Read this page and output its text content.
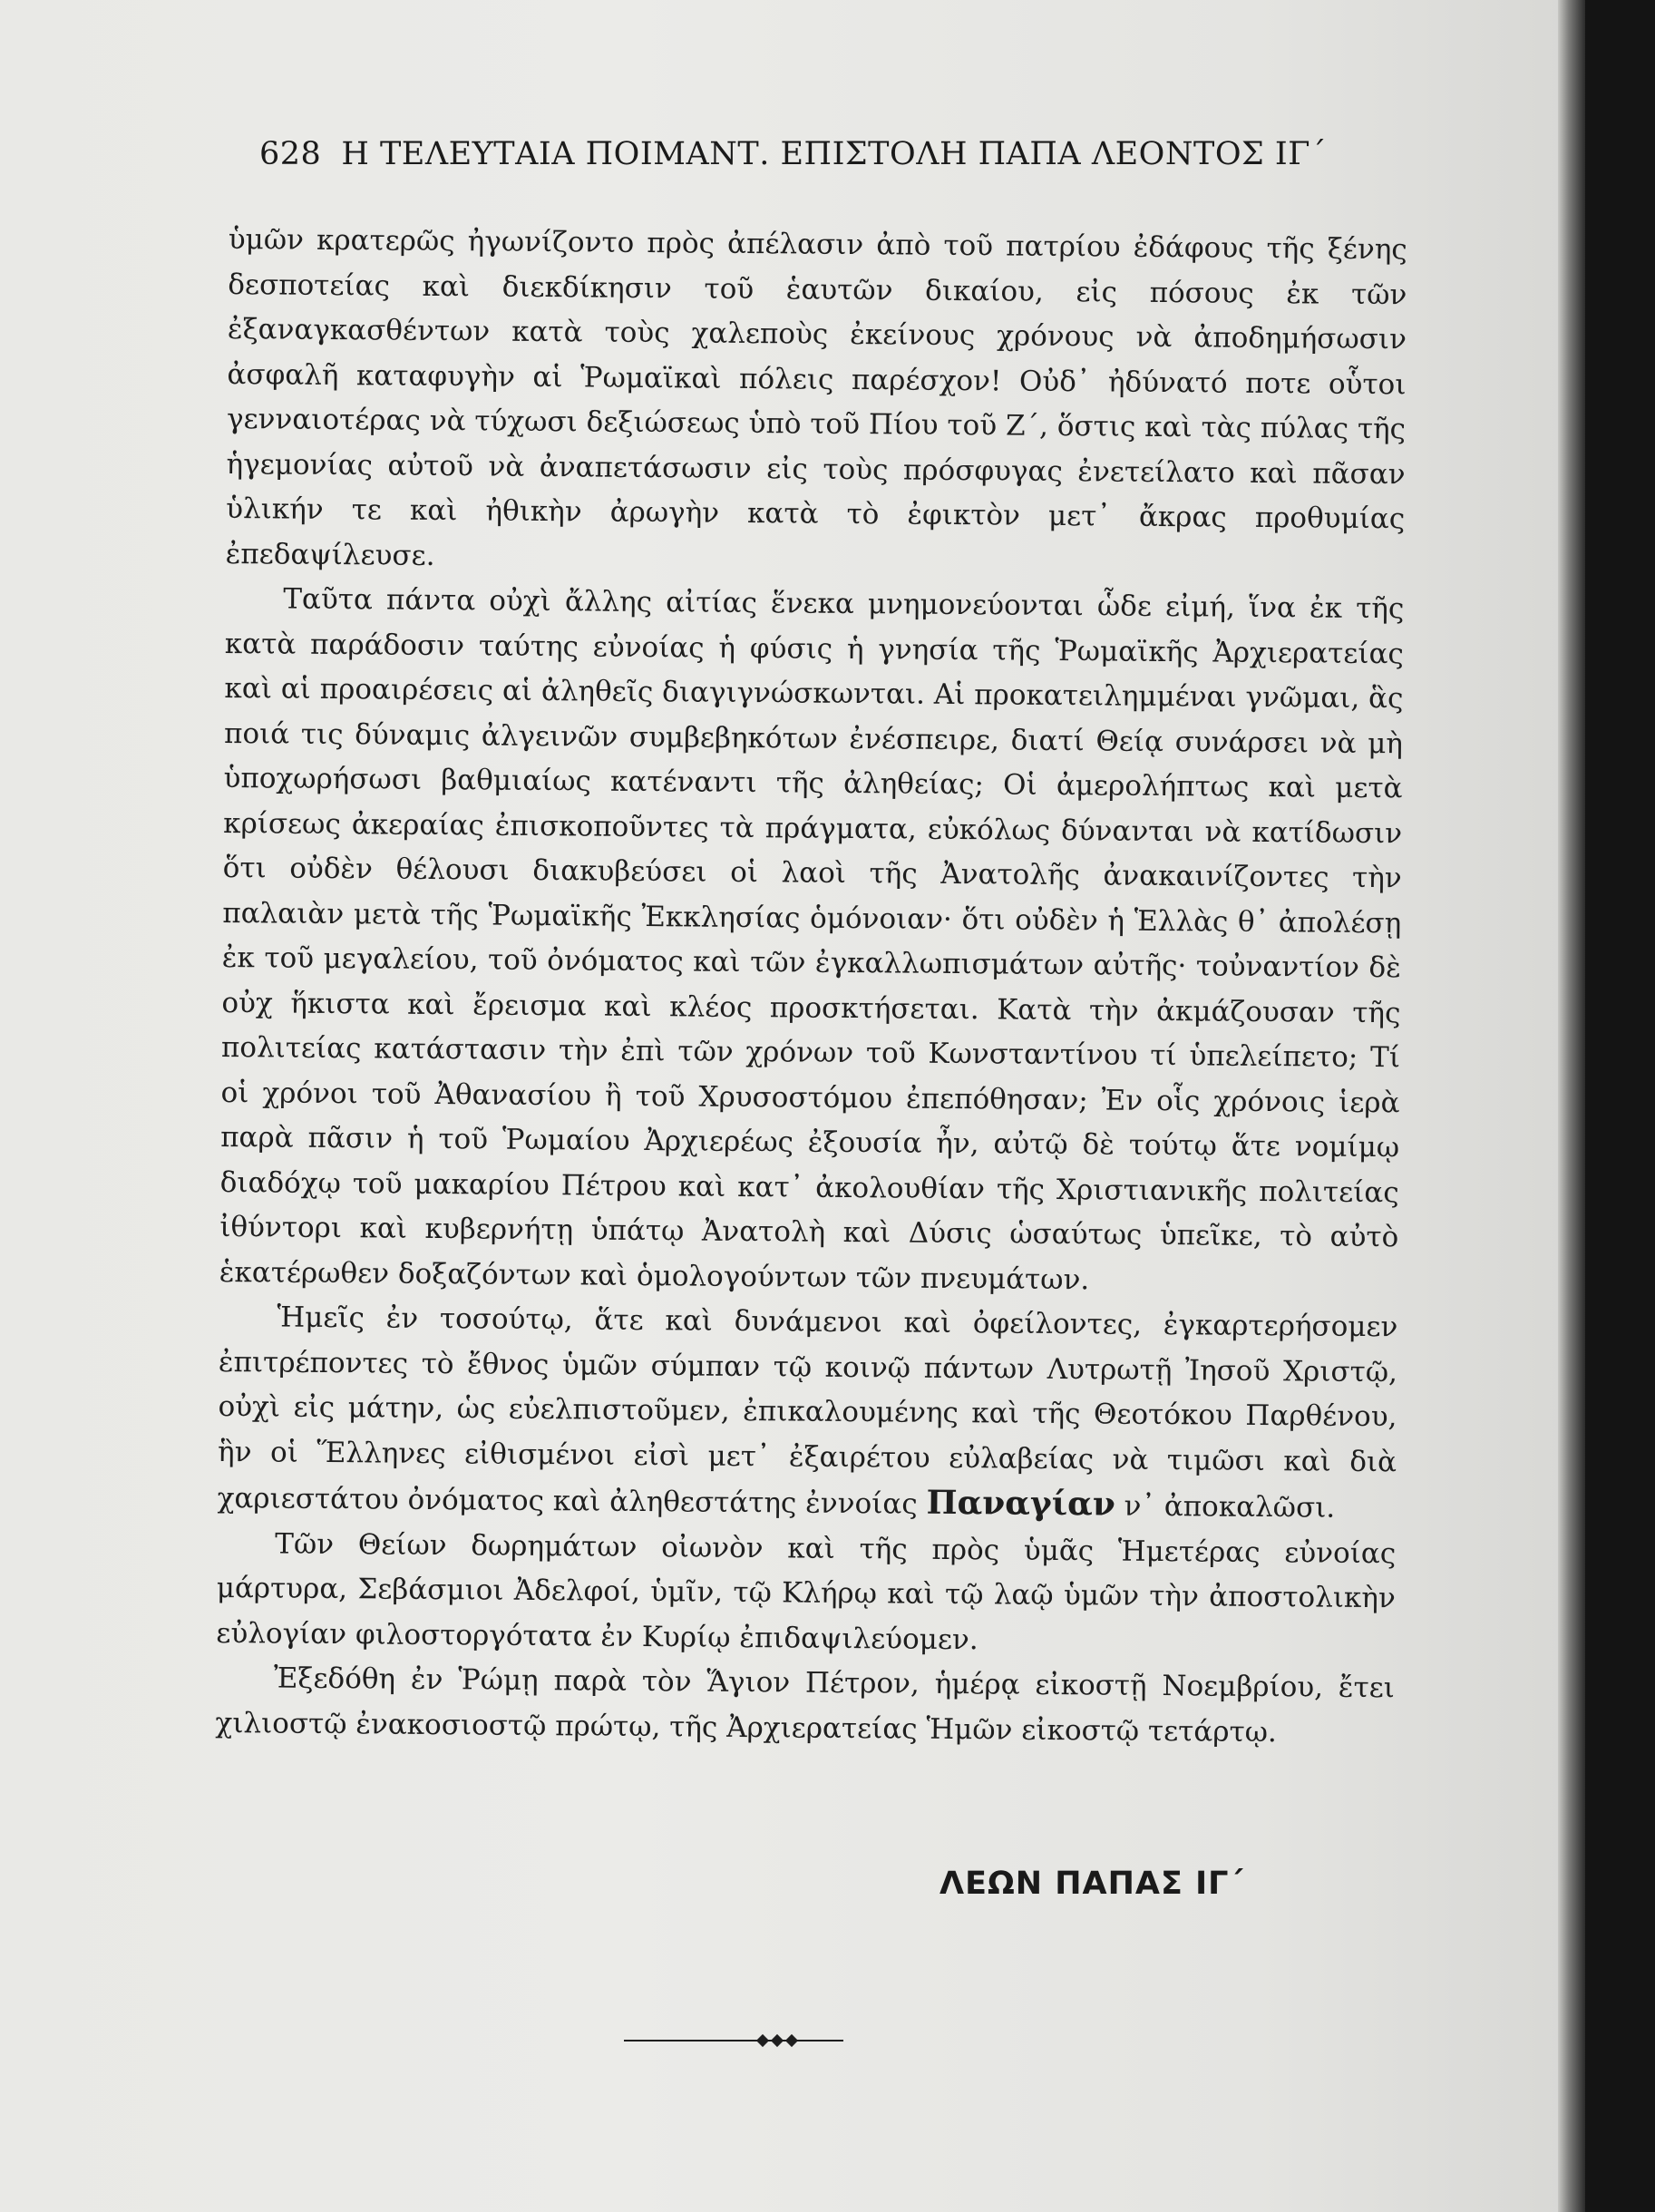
628 Η ΤΕΛΕΥΤΑΙΑ ΠΟΙΜΑΝΤ. ΕΠΙΣΤΟΛΗ ΠΑΠΑ ΛΕΟΝΤΟΣ ΙΓ΄

ὑμῶν κρατερῶς ἠγωνίζοντο πρὸς ἀπέλασιν ἀπὸ τοῦ πατρίου ἐδάφους τῆς ξένης δεσποτείας καὶ διεκδίκησιν τοῦ ἑαυτῶν δικαίου, εἰς πόσους ἐκ τῶν ἐξαναγκασθέντων κατὰ τοὺς χαλεποὺς ἐκείνους χρόνους νὰ ἀποδημήσωσιν ἀσφαλῆ καταφυγὴν αἱ Ῥωμαϊκαὶ πόλεις παρέσχον! Οὐδ᾽ ἠδύνατό ποτε οὗτοι γενναιοτέρας νὰ τύχωσι δεξιώσεως ὑπὸ τοῦ Πίου τοῦ Ζ΄, ὅστις καὶ τὰς πύλας τῆς ἡγεμονίας αὐτοῦ νὰ ἀναπετάσωσιν εἰς τοὺς πρόσφυγας ἐνετείλατο καὶ πᾶσαν ὑλικήν τε καὶ ἠθικὴν ἀρωγὴν κατὰ τὸ ἐφικτὸν μετ᾽ ἄκρας προθυμίας ἐπεδαψίλευσε.

Ταῦτα πάντα οὐχὶ ἄλλης αἰτίας ἕνεκα μνημονεύονται ὧδε εἰμή, ἵνα ἐκ τῆς κατὰ παράδοσιν ταύτης εὐνοίας ἡ φύσις ἡ γνησία τῆς Ῥωμαϊκῆς Ἀρχιερατείας καὶ αἱ προαιρέσεις αἱ ἀληθεῖς διαγιγνώσκωνται. Αἱ προκατειλημμέναι γνῶμαι, ἃς ποιά τις δύναμις ἀλγεινῶν συμβεβηκότων ἐνέσπειρε, διατί Θείᾳ συνάρσει νὰ μὴ ὑποχωρήσωσι βαθμιαίως κατέναντι τῆς ἀληθείας; Οἱ ἀμερολήπτως καὶ μετὰ κρίσεως ἀκεραίας ἐπισκοποῦντες τὰ πράγματα, εὐκόλως δύνανται νὰ κατίδωσιν ὅτι οὐδὲν θέλουσι διακυβεύσει οἱ λαοὶ τῆς Ἀνατολῆς ἀνακαινίζοντες τὴν παλαιὰν μετὰ τῆς Ῥωμαϊκῆς Ἐκκλησίας ὁμόνοιαν· ὅτι οὐδὲν ἡ Ἑλλὰς θ᾽ ἀπολέσῃ ἐκ τοῦ μεγαλείου, τοῦ ὀνόματος καὶ τῶν ἐγκαλλωπισμάτων αὐτῆς· τοὐναντίον δὲ οὐχ ἥκιστα καὶ ἔρεισμα καὶ κλέος προσκτήσεται. Κατὰ τὴν ἀκμάζουσαν τῆς πολιτείας κατάστασιν τὴν ἐπὶ τῶν χρόνων τοῦ Κωνσταντίνου τί ὑπελείπετο; Τί οἱ χρόνοι τοῦ Ἀθανασίου ἢ τοῦ Χρυσοστόμου ἐπεπόθησαν; Ἐν οἷς χρόνοις ἱερὰ παρὰ πᾶσιν ἡ τοῦ Ῥωμαίου Ἀρχιερέως ἐξουσία ἦν, αὐτῷ δὲ τούτῳ ἅτε νομίμῳ διαδόχῳ τοῦ μακαρίου Πέτρου καὶ κατ᾽ ἀκολουθίαν τῆς Χριστιανικῆς πολιτείας ἰθύντορι καὶ κυβερνήτῃ ὑπάτῳ Ἀνατολὴ καὶ Δύσις ὡσαύτως ὑπεῖκε, τὸ αὐτὸ ἑκατέρωθεν δοξαζόντων καὶ ὁμολογούντων τῶν πνευμάτων.

Ἡμεῖς ἐν τοσούτῳ, ἅτε καὶ δυνάμενοι καὶ ὀφείλοντες, ἐγκαρτερήσομεν ἐπιτρέποντες τὸ ἔθνος ὑμῶν σύμπαν τῷ κοινῷ πάντων Λυτρωτῇ Ἰησοῦ Χριστῷ, οὐχὶ εἰς μάτην, ὡς εὐελπιστοῦμεν, ἐπικαλουμένης καὶ τῆς Θεοτόκου Παρθένου, ἣν οἱ Ἕλληνες εἰθισμένοι εἰσὶ μετ᾽ ἐξαιρέτου εὐλαβείας νὰ τιμῶσι καὶ διὰ χαριεστάτου ὀνόματος καὶ ἀληθεστάτης ἐννοίας Παναγίαν ν᾽ ἀποκαλῶσι.

Τῶν Θείων δωρημάτων οἰωνὸν καὶ τῆς πρὸς ὑμᾶς Ἡμετέρας εὐνοίας μάρτυρα, Σεβάσμιοι Ἀδελφοί, ὑμῖν, τῷ Κλήρῳ καὶ τῷ λαῷ ὑμῶν τὴν ἀποστολικὴν εὐλογίαν φιλοστοργότατα ἐν Κυρίῳ ἐπιδαψιλεύομεν.

Ἐξεδόθη ἐν Ῥώμῃ παρὰ τὸν Ἅγιον Πέτρον, ἡμέρᾳ εἰκοστῇ Νοεμβρίου, ἔτει χιλιοστῷ ἐνακοσιοστῷ πρώτῳ, τῆς Ἀρχιερατείας Ἡμῶν εἰκοστῷ τετάρτῳ.

ΛΕΩΝ ΠΑΠΑΣ ΙΓ΄
